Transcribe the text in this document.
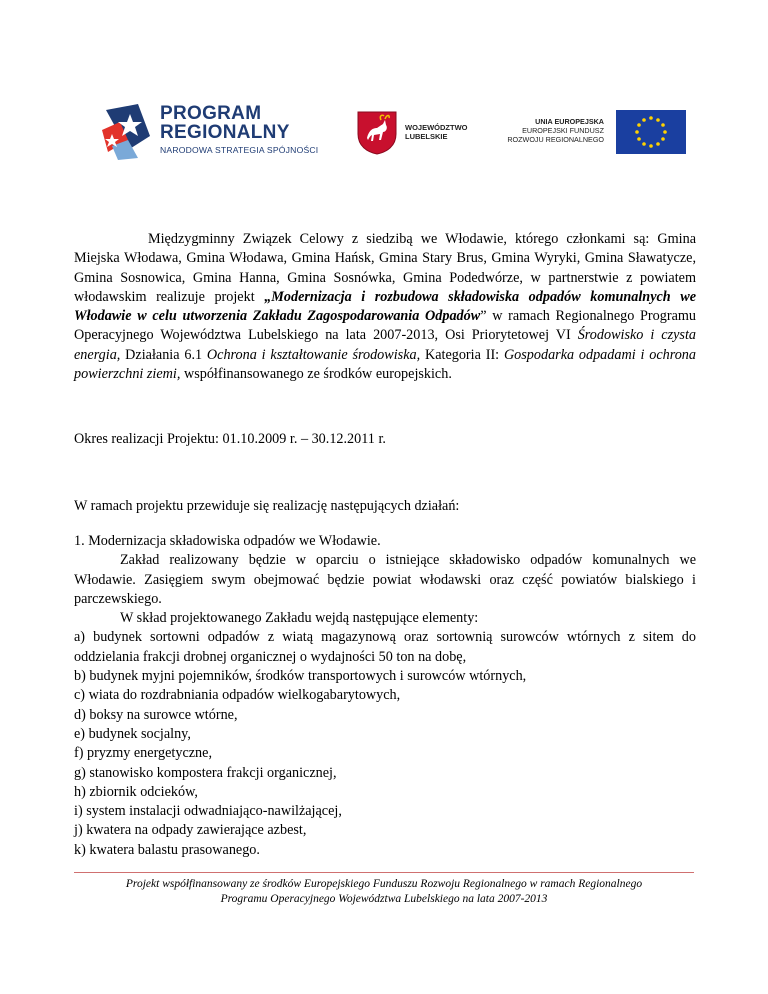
PROGRAM
REGIONALNY
NARODOWA STRATEGIA SPÓJNOŚCI
WOJEWÓDZTWO
LUBELSKIE
UNIA EUROPEJSKA
EUROPEJSKI FUNDUSZ
ROZWOJU REGIONALNEGO
Międzygminny Związek Celowy z siedzibą we Włodawie, którego członkami są: Gmina Miejska Włodawa, Gmina Włodawa, Gmina Hańsk, Gmina Stary Brus, Gmina Wyryki, Gmina Sławatycze, Gmina Sosnowica, Gmina Hanna, Gmina Sosnówka, Gmina Podedwórze, w partnerstwie z powiatem włodawskim realizuje projekt „Modernizacja i rozbudowa składowiska odpadów komunalnych we Włodawie w celu utworzenia Zakładu Zagospodarowania Odpadów” w ramach Regionalnego Programu Operacyjnego Województwa Lubelskiego na lata 2007-2013, Osi Priorytetowej VI Środowisko i czysta energia, Działania 6.1 Ochrona i kształtowanie środowiska, Kategoria II: Gospodarka odpadami i ochrona powierzchni ziemi, współfinansowanego ze środków europejskich.
Okres realizacji Projektu: 01.10.2009 r. – 30.12.2011 r.
W ramach projektu przewiduje się realizację następujących działań:

1. Modernizacja składowiska odpadów we Włodawie.

Zakład realizowany będzie w oparciu o istniejące składowisko odpadów komunalnych we Włodawie. Zasięgiem swym obejmować będzie powiat włodawski oraz część powiatów bialskiego i parczewskiego.

W skład projektowanego Zakładu wejdą następujące elementy:

a) budynek sortowni odpadów z wiatą magazynową oraz sortownią surowców wtórnych z sitem do oddzielania frakcji drobnej organicznej o wydajności 50 ton na dobę,

b) budynek myjni pojemników, środków transportowych i surowców wtórnych,

c) wiata do rozdrabniania odpadów wielkogabarytowych,

d) boksy na surowce wtórne,

e) budynek socjalny,

f) pryzmy energetyczne,

g) stanowisko kompostera frakcji organicznej,

h) zbiornik odcieków,

i) system instalacji odwadniająco-nawilżającej,

j) kwatera na odpady zawierające azbest,

k) kwatera balastu prasowanego.

Projekt współfinansowany ze środków Europejskiego Funduszu Rozwoju Regionalnego w ramach Regionalnego
Programu Operacyjnego Województwa Lubelskiego na lata 2007-2013
